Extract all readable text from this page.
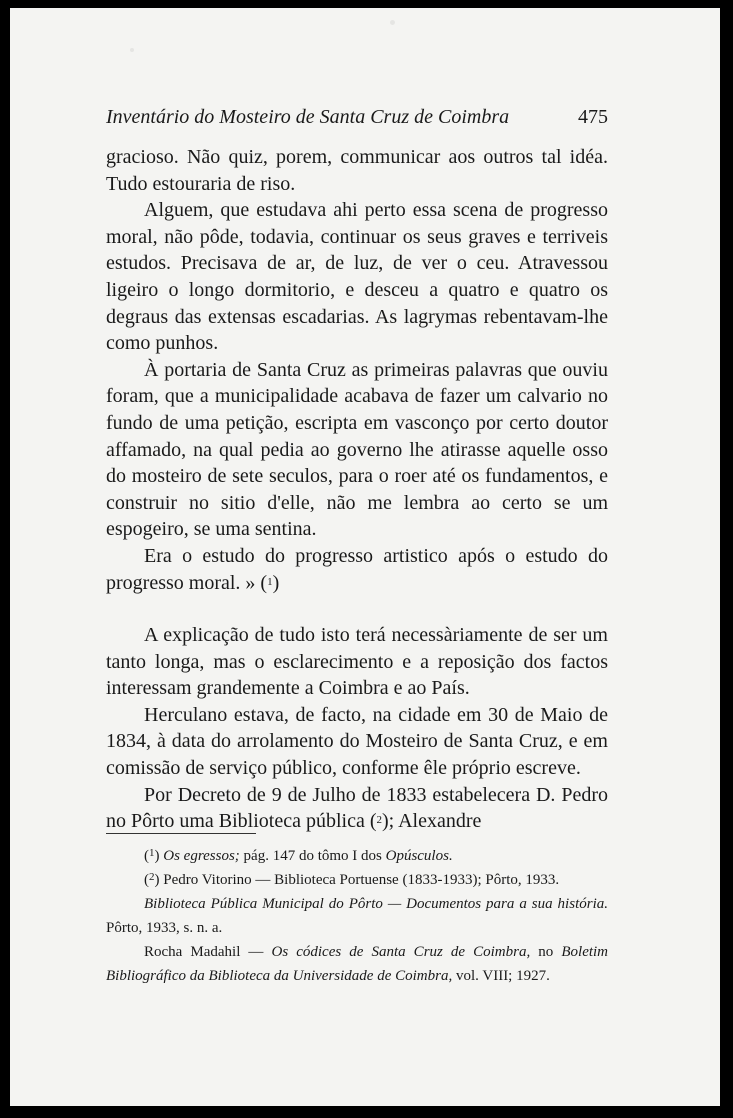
Inventário do Mosteiro de Santa Cruz de Coimbra	475

gracioso. Não quiz, porem, communicar aos outros tal idéa. Tudo estouraria de riso.

Alguem, que estudava ahi perto essa scena de progresso moral, não pôde, todavia, continuar os seus graves e terriveis estudos. Precisava de ar, de luz, de ver o ceu. Atravessou ligeiro o longo dormitorio, e desceu a quatro e quatro os degraus das extensas escadarias. As lagrymas rebentavam-lhe como punhos.

À portaria de Santa Cruz as primeiras palavras que ouviu foram, que a municipalidade acabava de fazer um calvario no fundo de uma petição, escripta em vasconço por certo doutor affamado, na qual pedia ao governo lhe atirasse aquelle osso do mosteiro de sete seculos, para o roer até os fundamentos, e construir no sitio d'elle, não me lembra ao certo se um espogeiro, se uma sentina.

Era o estudo do progresso artistico após o estudo do progresso moral. » ($^1$)

A explicação de tudo isto terá necessàriamente de ser um tanto longa, mas o esclarecimento e a reposição dos factos interessam grandemente a Coimbra e ao País.

Herculano estava, de facto, na cidade em 30 de Maio de 1834, à data do arrolamento do Mosteiro de Santa Cruz, e em comissão de serviço público, conforme êle próprio escreve.

Por Decreto de 9 de Julho de 1833 estabelecera D. Pedro no Pôrto uma Biblioteca pública ($^2$); Alexandre

($^1$) Os egressos; pág. 147 do tômo I dos Opúsculos.

($^2$) Pedro Vitorino — Biblioteca Portuense (1833-1933); Pôrto, 1933.

Biblioteca Pública Municipal do Pôrto — Documentos para a sua história. Pôrto, 1933, s. n. a.

Rocha Madahil — Os códices de Santa Cruz de Coimbra, no Boletim Bibliográfico da Biblioteca da Universidade de Coimbra, vol. VIII; 1927.
